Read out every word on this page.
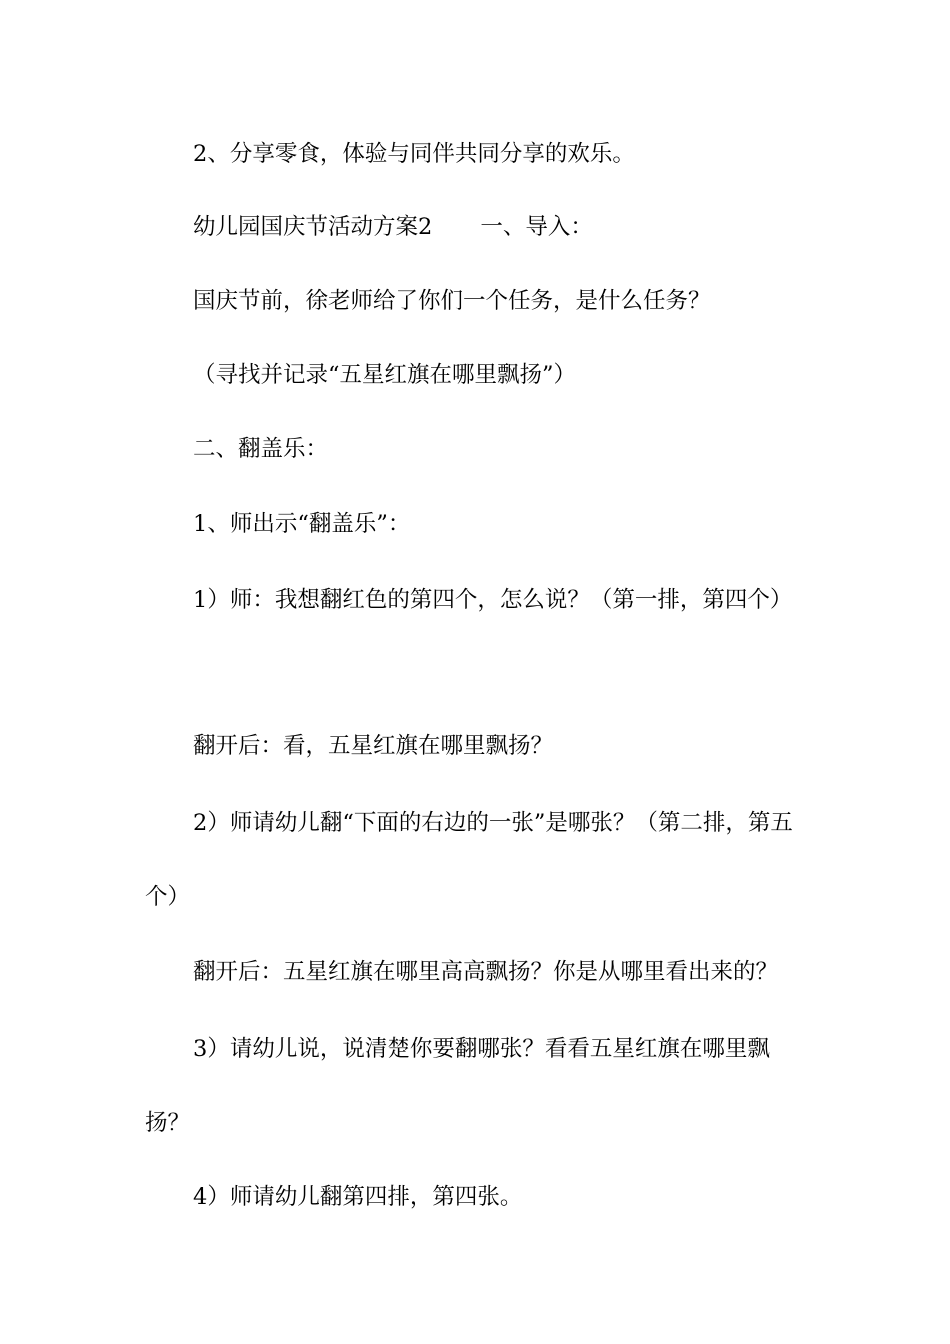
2、分享零食，体验与同伴共同分享的欢乐。

幼儿园国庆节活动方案2 一、导入：

国庆节前，徐老师给了你们一个任务，是什么任务？

（寻找并记录“五星红旗在哪里飘扬”）

二、翻盖乐：

1、师出示“翻盖乐”：

1）师：我想翻红色的第四个，怎么说？（第一排，第四个）

翻开后：看，五星红旗在哪里飘扬？

2）师请幼儿翻“下面的右边的一张”是哪张？（第二排，第五个）

翻开后：五星红旗在哪里高高飘扬？你是从哪里看出来的？

3）请幼儿说，说清楚你要翻哪张？看看五星红旗在哪里飘扬？

4）师请幼儿翻第四排，第四张。
